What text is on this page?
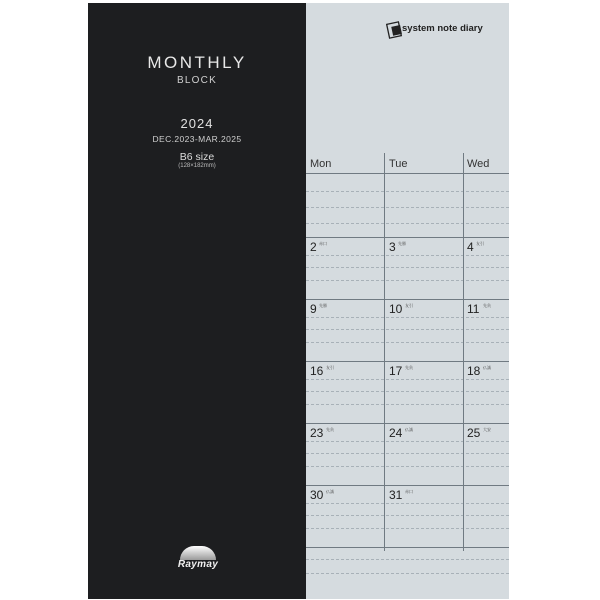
MONTHLY
BLOCK
2024
DEC.2023-MAR.2025
B6 size
(128×182mm)
Raymay
system note diary
Mon	Tue	Wed
2 赤口	3 先勝	4 友引
9 先勝	10 友引	11 先負
16 友引	17 先負	18 仏滅
23 先負	24 仏滅	25 大安
30 仏滅	31 赤口
